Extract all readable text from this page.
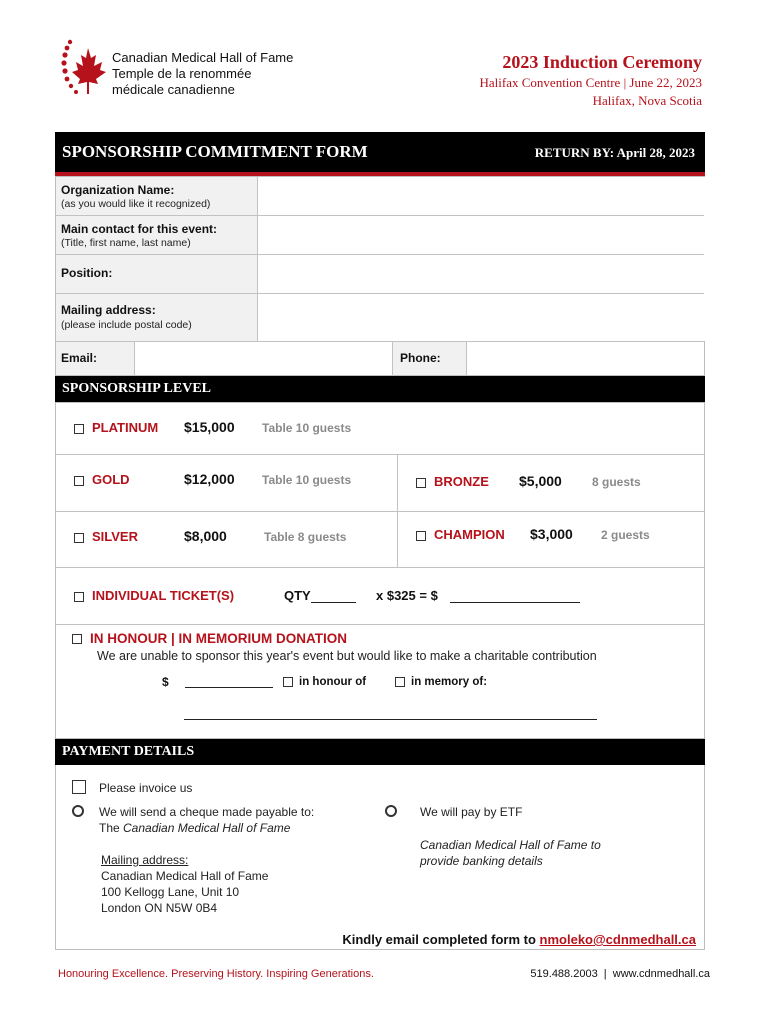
Canadian Medical Hall of Fame
Temple de la renommée
médicale canadienne
2023 Induction Ceremony
Halifax Convention Centre | June 22, 2023
Halifax, Nova Scotia
SPONSORSHIP COMMITMENT FORM	RETURN BY: April 28, 2023
Organization Name:
(as you would like it recognized)
Main contact for this event:
(Title, first name, last name)
Position:
Mailing address:
(please include postal code)
Email:	Phone:
SPONSORSHIP LEVEL
PLATINUM $15,000 Table 10 guests
GOLD	$12,000 Table 10 guests	BRONZE $5,000	8 guests
SILVER	$8,000	Table 8 guests	CHAMPION $3,000 2 guests
INDIVIDUAL TICKET(S)	QTY	x $325 = $
IN HONOUR | IN MEMORIUM DONATION
We are unable to sponsor this year's event but would like to make a charitable contribution
$	in honour of	in memory of:
PAYMENT DETAILS
Please invoice us
We will send a cheque made payable to:
The Canadian Medical Hall of Fame
Mailing address:
Canadian Medical Hall of Fame
100 Kellogg Lane, Unit 10
London ON N5W 0B4
We will pay by ETF
Canadian Medical Hall of Fame to
provide banking details
Kindly email completed form to nmoleko@cdnmedhall.ca
Honouring Excellence. Preserving History. Inspiring Generations.	519.488.2003  |  www.cdnmedhall.ca
